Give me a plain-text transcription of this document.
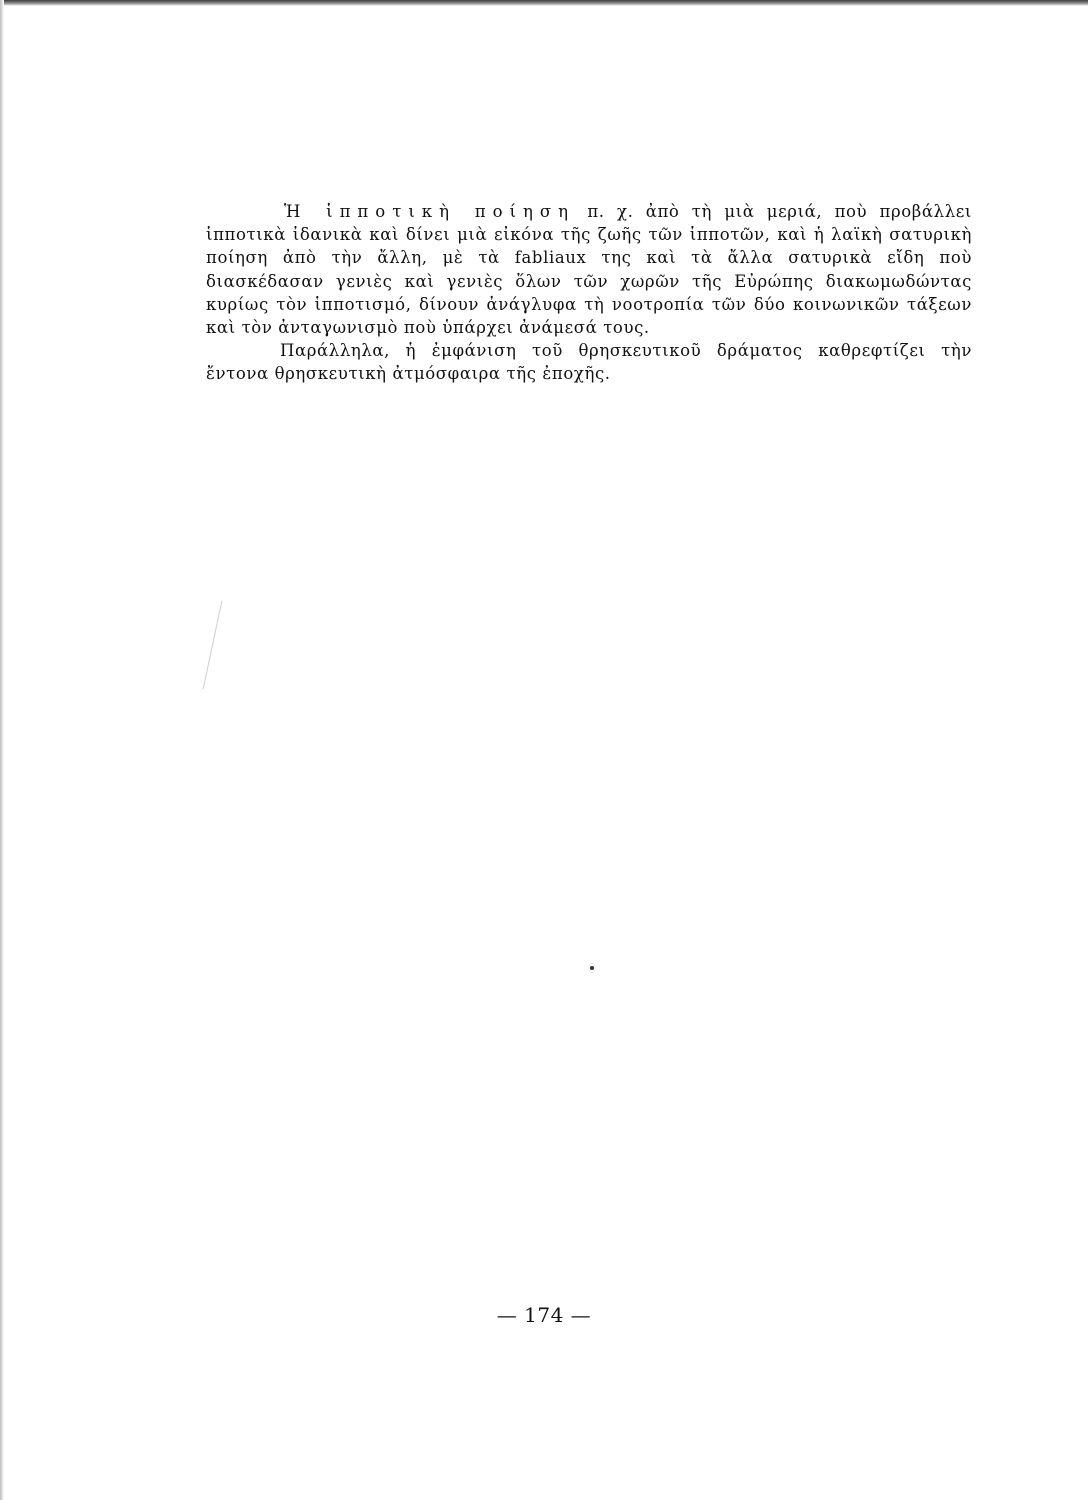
Ἡ ἱπποτικὴ ποίηση π. χ. ἀπὸ τὴ μιὰ μεριά, ποὺ προβάλλει ἱπποτικὰ ἰδανικὰ καὶ δίνει μιὰ εἰκόνα τῆς ζωῆς τῶν ἱπποτῶν, καὶ ἡ λαϊκὴ σατυρικὴ ποίηση ἀπὸ τὴν ἄλλη, μὲ τὰ fabliaux της καὶ τὰ ἄλλα σατυρικὰ εἴδη ποὺ διασκέδασαν γενιὲς καὶ γενιὲς ὅλων τῶν χωρῶν τῆς Εὐρώπης διακωμωδώντας κυρίως τὸν ἱπποτισμό, δίνουν ἀνάγλυφα τὴ νοοτροπία τῶν δύο κοινωνικῶν τάξεων καὶ τὸν ἀνταγωνισμὸ ποὺ ὑπάρχει ἀνάμεσά τους.

Παράλληλα, ἡ ἐμφάνιση τοῦ θρησκευτικοῦ δράματος καθρεφτίζει τὴν ἔντονα θρησκευτικὴ ἀτμόσφαιρα τῆς ἐποχῆς.

— 174 —
